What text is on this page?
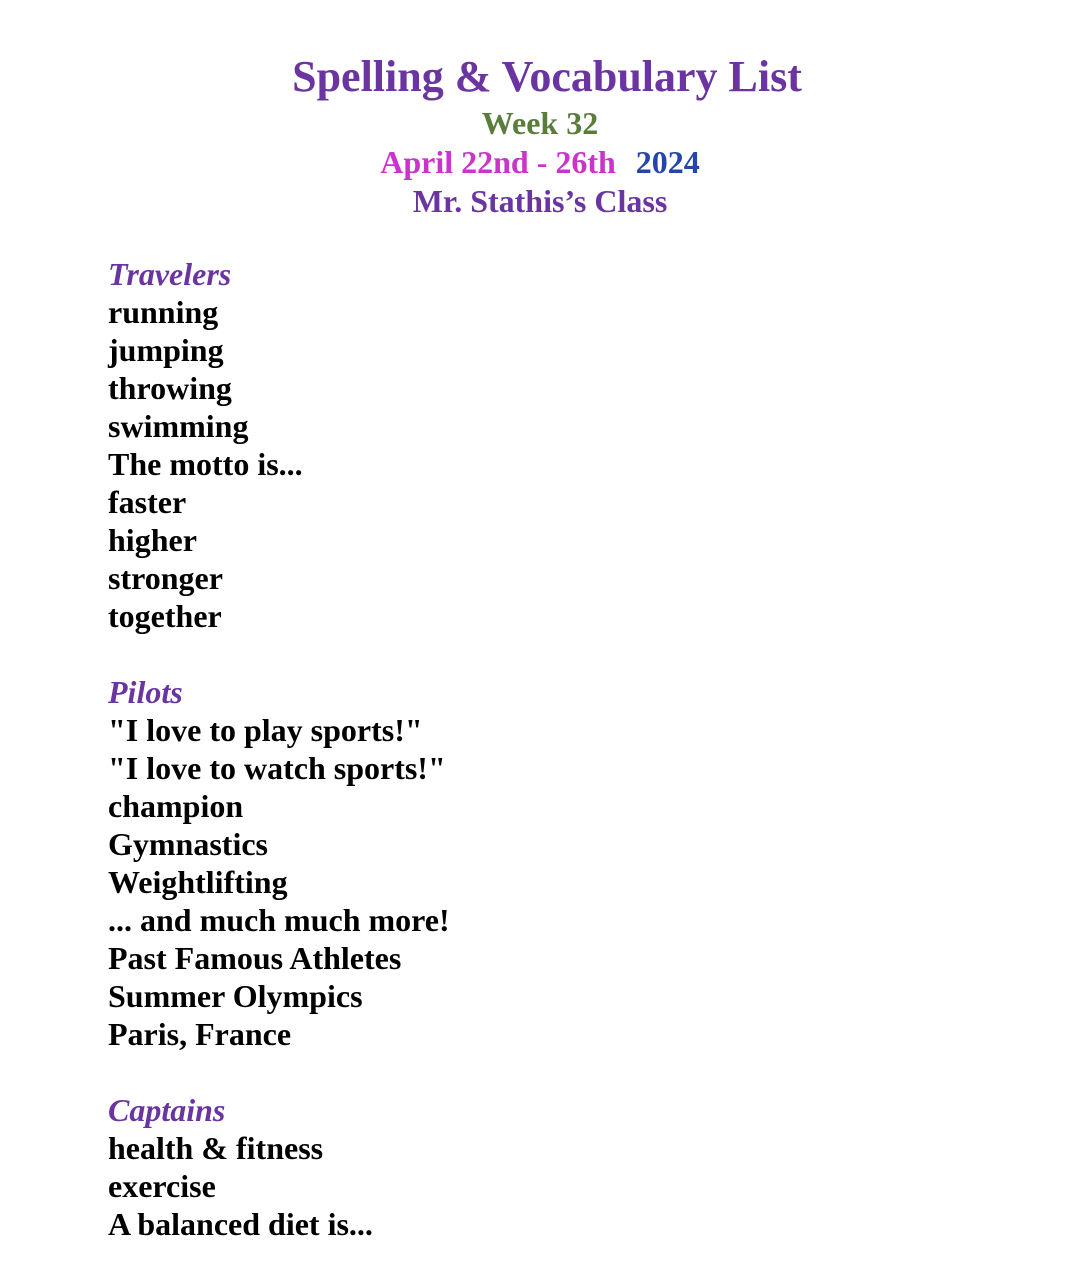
Spelling & Vocabulary List
Week 32
April 22nd - 26th 2024
Mr. Stathis’s Class
Travelers
running
jumping
throwing
swimming
The motto is...
faster
higher
stronger
together
Pilots
"I love to play sports!"
"I love to watch sports!"
champion
Gymnastics
Weightlifting
... and much much more!
Past Famous Athletes
Summer Olympics
Paris, France
Captains
health & fitness
exercise
A balanced diet is...
